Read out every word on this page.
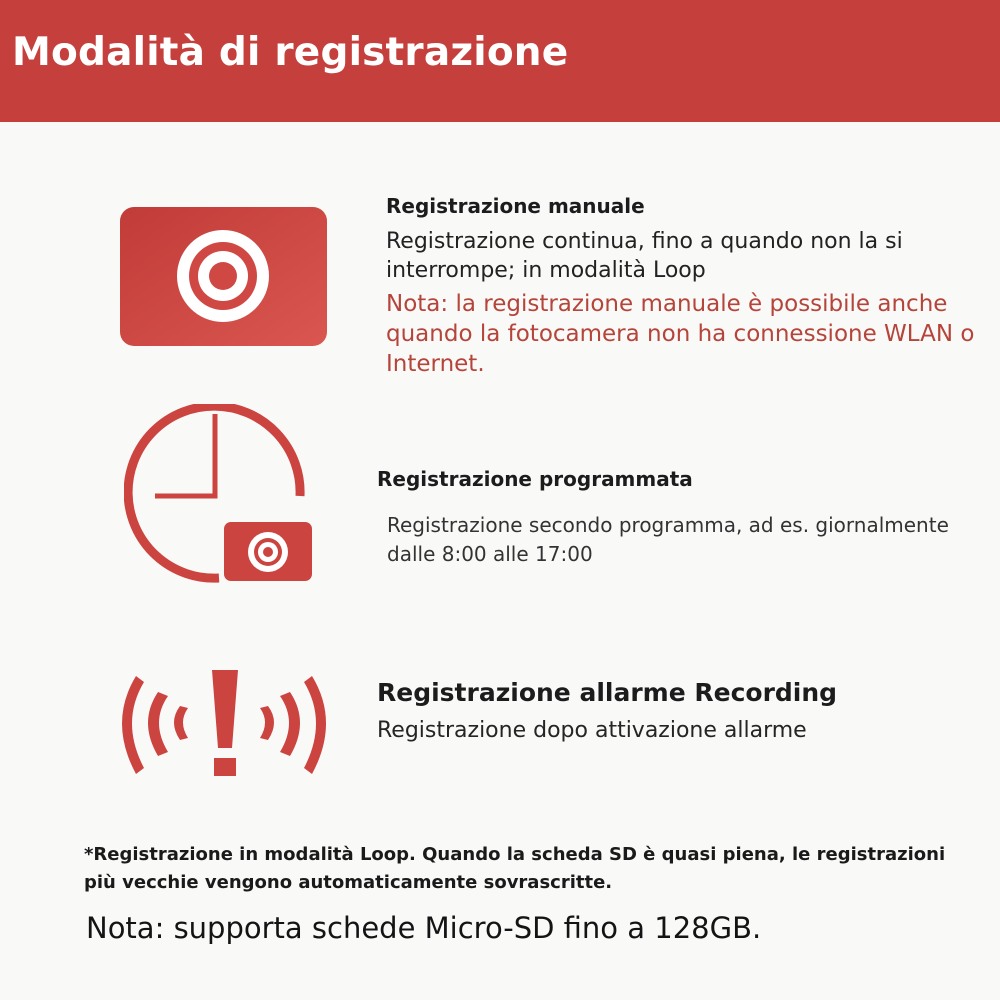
Modalità di registrazione
Registrazione manuale
Registrazione continua, fino a quando non la si interrompe; in modalità Loop
Nota: la registrazione manuale è possibile anche quando la fotocamera non ha connessione WLAN o Internet.
Registrazione programmata
Registrazione secondo programma, ad es. giornalmente dalle 8:00 alle 17:00
Registrazione allarme Recording
Registrazione dopo attivazione allarme
*Registrazione in modalità Loop. Quando la scheda SD è quasi piena, le registrazioni più vecchie vengono automaticamente sovrascritte.
Nota: supporta schede Micro-SD fino a 128GB.
